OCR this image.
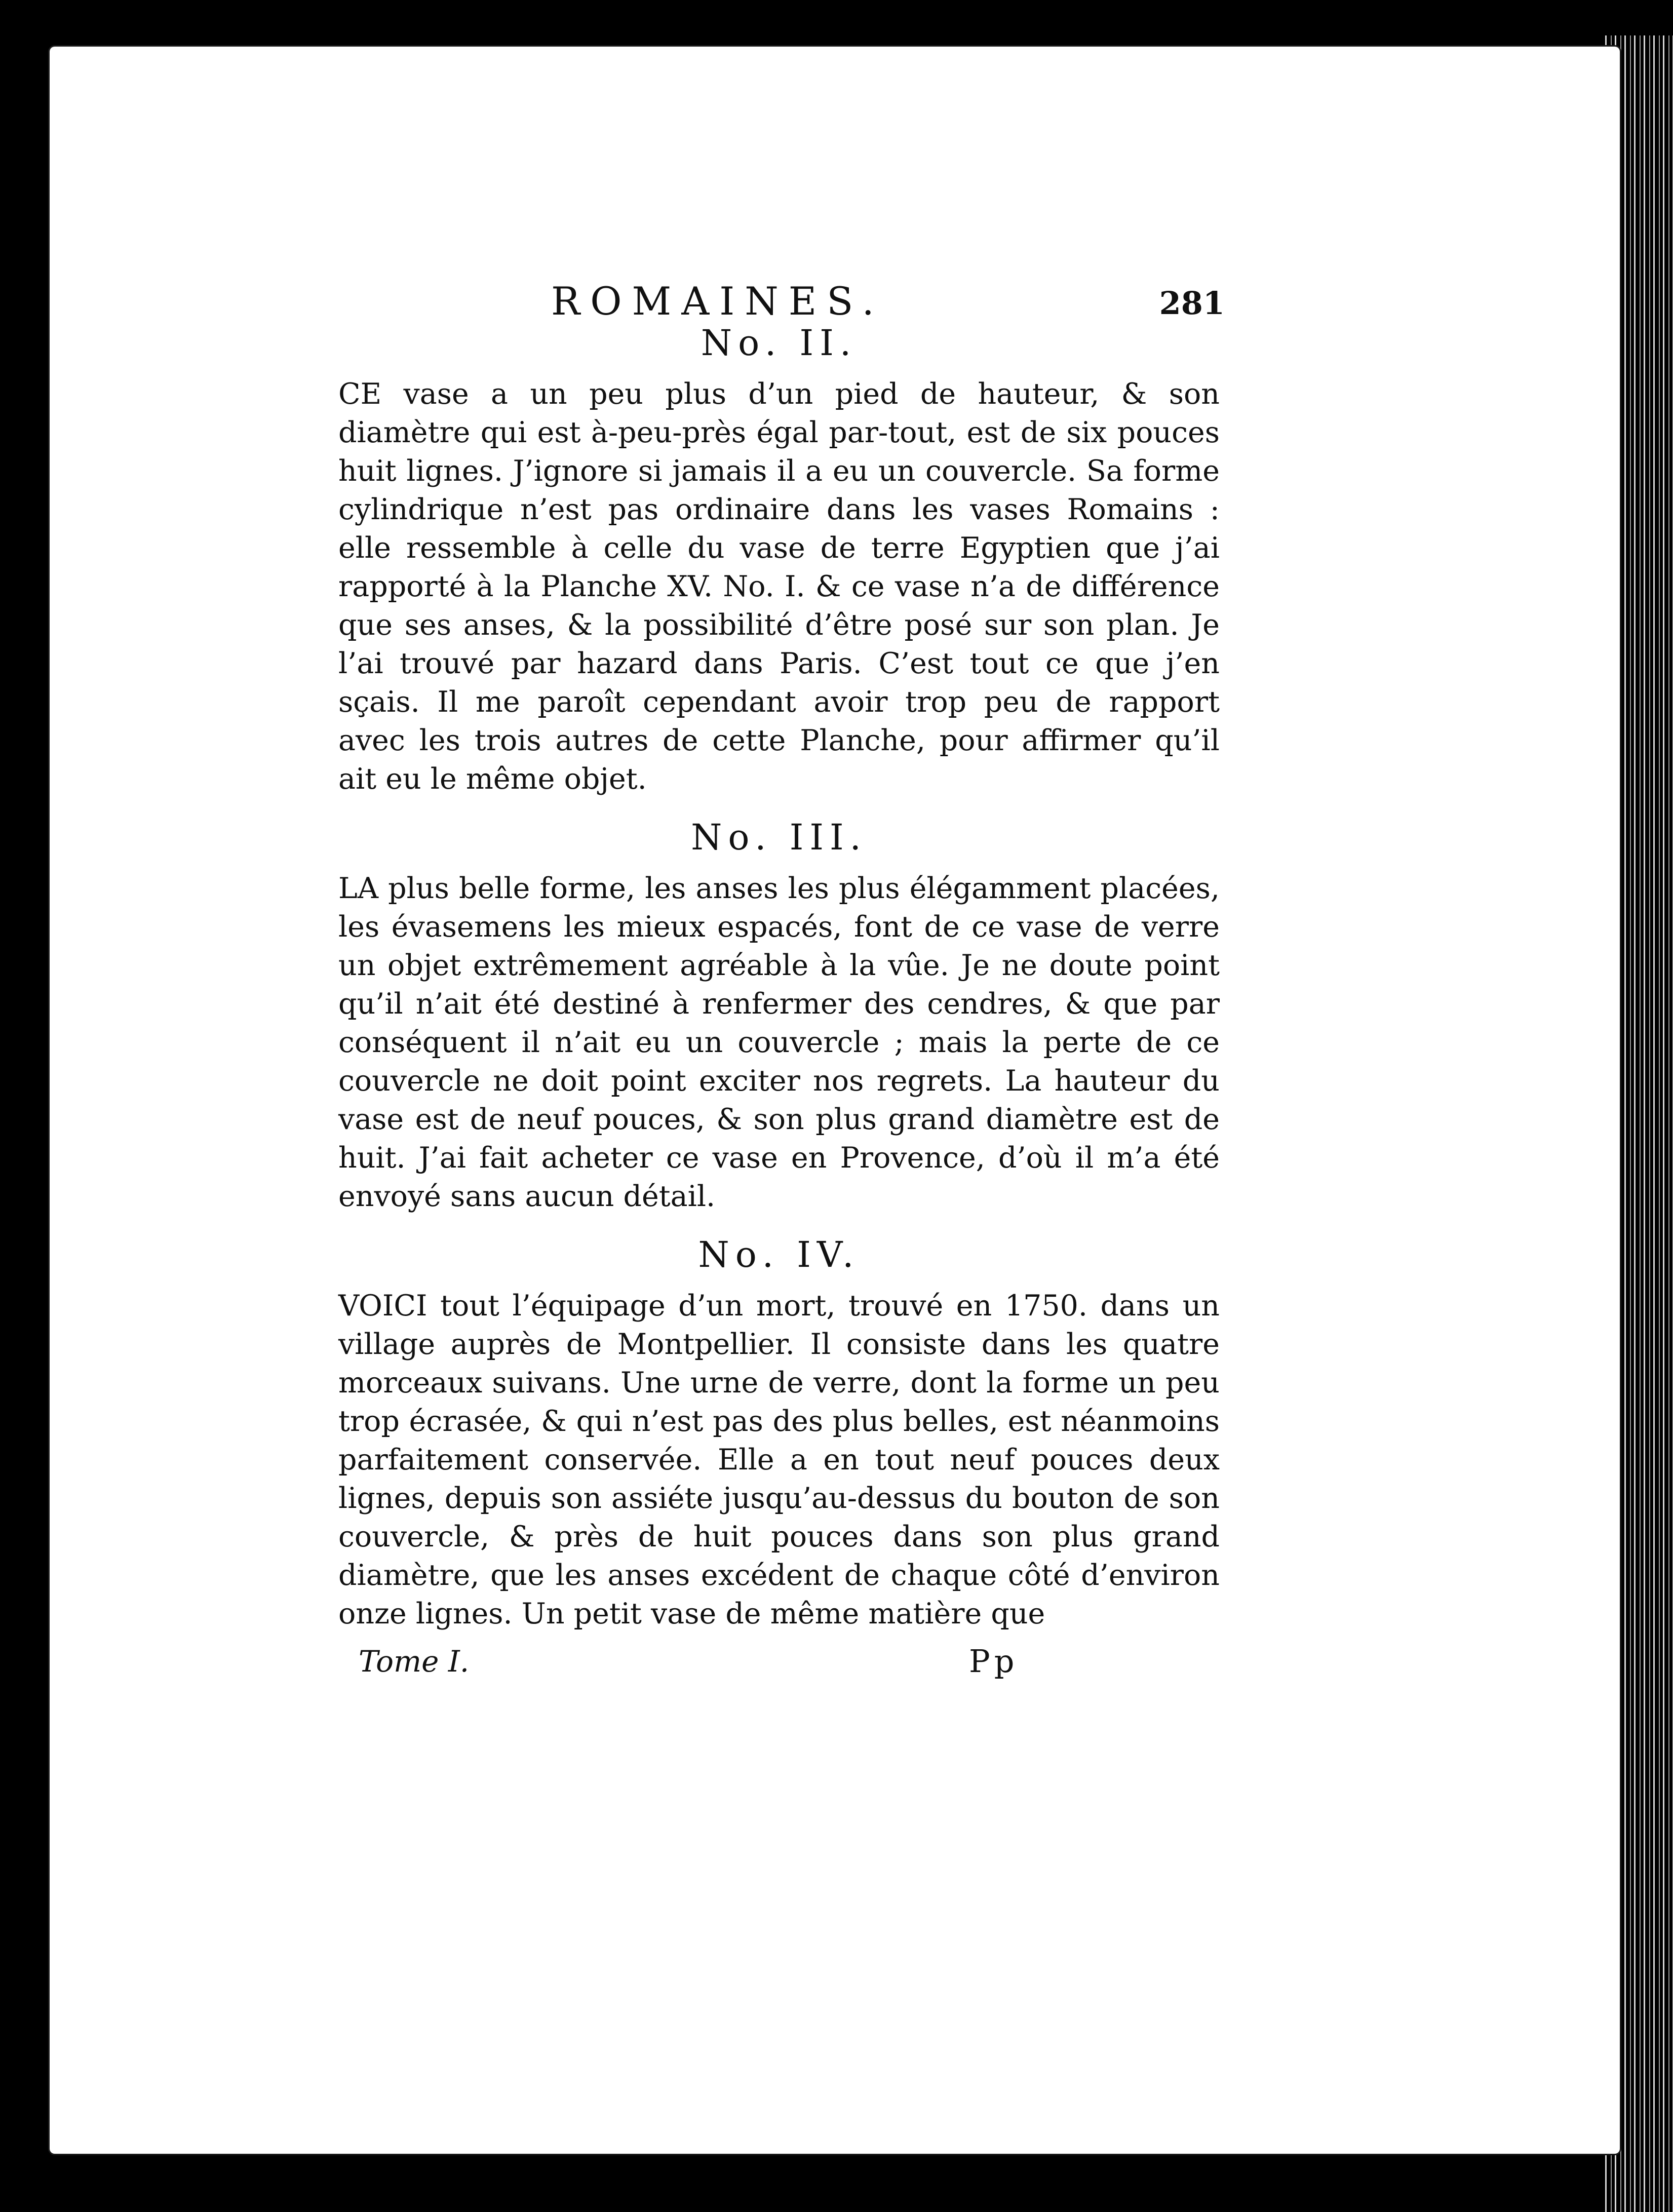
ROMAINES.	281
No. II.

CE vase a un peu plus d’un pied de hauteur, & son diamètre qui est à-peu-près égal par-tout, est de six pouces huit lignes. J’ignore si jamais il a eu un couvercle. Sa forme cylindrique n’est pas ordinaire dans les vases Romains : elle ressemble à celle du vase de terre Egyptien que j’ai rapporté à la Planche XV. No. I. & ce vase n’a de différence que ses anses, & la possibilité d’être posé sur son plan. Je l’ai trouvé par hazard dans Paris. C’est tout ce que j’en sçais. Il me paroît cependant avoir trop peu de rapport avec les trois autres de cette Planche, pour affirmer qu’il ait eu le même objet.

No. III.

LA plus belle forme, les anses les plus élégamment placées, les évasemens les mieux espacés, font de ce vase de verre un objet extrêmement agréable à la vûe. Je ne doute point qu’il n’ait été destiné à renfermer des cendres, & que par conséquent il n’ait eu un couvercle ; mais la perte de ce couvercle ne doit point exciter nos regrets. La hauteur du vase est de neuf pouces, & son plus grand diamètre est de huit. J’ai fait acheter ce vase en Provence, d’où il m’a été envoyé sans aucun détail.

No. IV.

VOICI tout l’équipage d’un mort, trouvé en 1750. dans un village auprès de Montpellier. Il consiste dans les quatre morceaux suivans. Une urne de verre, dont la forme un peu trop écrasée, & qui n’est pas des plus belles, est néanmoins parfaitement conservée. Elle a en tout neuf pouces deux lignes, depuis son assiéte jusqu’au-dessus du bouton de son couvercle, & près de huit pouces dans son plus grand diamètre, que les anses excédent de chaque côté d’environ onze lignes. Un petit vase de même matière que

Tome I.	Pp
